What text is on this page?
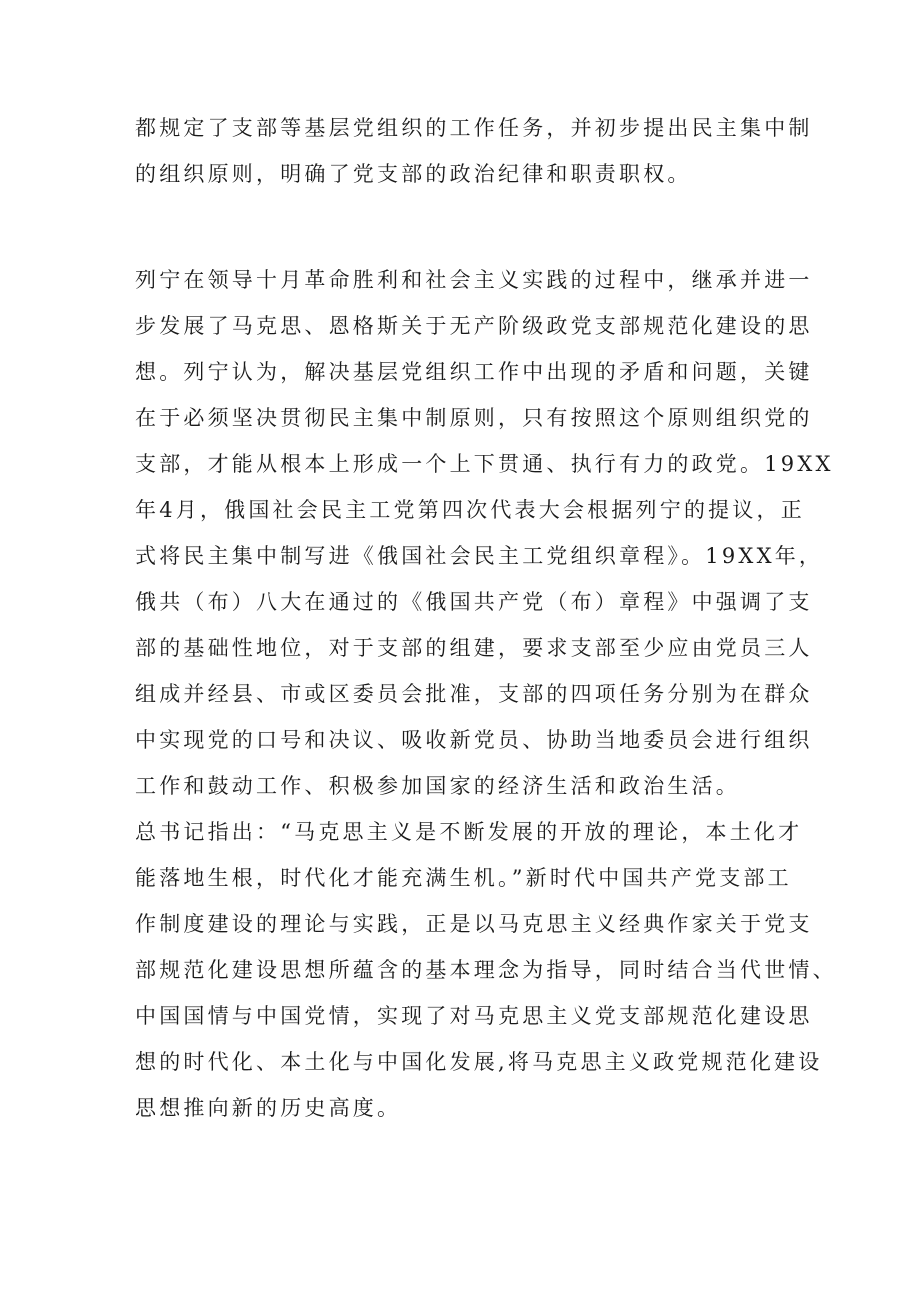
都规定了支部等基层党组织的工作任务，并初步提出民主集中制
的组织原则，明确了党支部的政治纪律和职责职权。
列宁在领导十月革命胜利和社会主义实践的过程中，继承并进一
步发展了马克思、恩格斯关于无产阶级政党支部规范化建设的思
想。列宁认为，解决基层党组织工作中出现的矛盾和问题，关键
在于必须坚决贯彻民主集中制原则，只有按照这个原则组织党的
支部，才能从根本上形成一个上下贯通、执行有力的政党。19XX
年4月，俄国社会民主工党第四次代表大会根据列宁的提议，正
式将民主集中制写进《俄国社会民主工党组织章程》。19XX年，
俄共（布）八大在通过的《俄国共产党（布）章程》中强调了支
部的基础性地位，对于支部的组建，要求支部至少应由党员三人
组成并经县、市或区委员会批准，支部的四项任务分别为在群众
中实现党的口号和决议、吸收新党员、协助当地委员会进行组织
工作和鼓动工作、积极参加国家的经济生活和政治生活。
总书记指出：“马克思主义是不断发展的开放的理论，本土化才
能落地生根，时代化才能充满生机。”新时代中国共产党支部工
作制度建设的理论与实践，正是以马克思主义经典作家关于党支
部规范化建设思想所蕴含的基本理念为指导，同时结合当代世情、
中国国情与中国党情，实现了对马克思主义党支部规范化建设思
想的时代化、本土化与中国化发展,将马克思主义政党规范化建设
思想推向新的历史高度。
